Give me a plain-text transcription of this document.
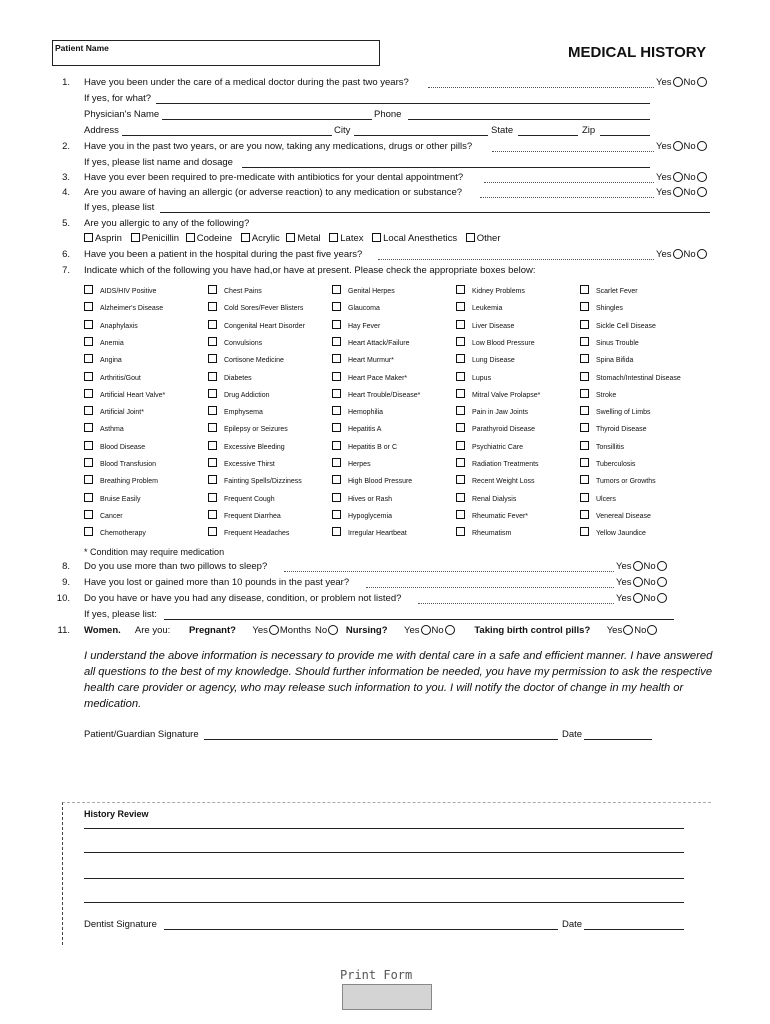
Patient Name	MEDICAL HISTORY
1. Have you been under the care of a medical doctor during the past two years?	Yes No
If yes, for what?
Physician's Name	Phone
Address	City	State	Zip
2. Have you in the past two years, or are you now, taking any medications, drugs or other pills?	Yes No
If yes, please list name and dosage
3. Have you ever been required to pre-medicate with antibiotics for your dental appointment?	Yes No
4. Are you aware of having an allergic (or adverse reaction) to any medication or substance?	Yes No
If yes, please list
5. Are you allergic to any of the following?
Asprin Penicillin Codeine Acrylic Metal Latex Local Anesthetics Other
6. Have you been a patient in the hospital during the past five years?	Yes No
7. Indicate which of the following you have had,or have at present. Please check the appropriate boxes below:
AIDS/HIV Positive
Alzheimer's Disease
Anaphylaxis
Anemia
Angina
Arthritis/Gout
Artificial Heart Valve*
Artificial Joint*
Asthma
Blood Disease
Blood Transfusion
Breathing Problem
Bruise Easily
Cancer
Chemotherapy
Chest Pains
Cold Sores/Fever Blisters
Congenital Heart Disorder
Convulsions
Cortisone Medicine
Diabetes
Drug Addiction
Emphysema
Epilepsy or Seizures
Excessive Bleeding
Excessive Thirst
Fainting Spells/Dizziness
Frequent Cough
Frequent Diarrhea
Frequent Headaches
Genital Herpes
Glaucoma
Hay Fever
Heart Attack/Failure
Heart Murmur*
Heart Pace Maker*
Heart Trouble/Disease*
Hemophilia
Hepatitis A
Hepatitis B or C
Herpes
High Blood Pressure
Hives or Rash
Hypoglycemia
Irregular Heartbeat
Kidney Problems
Leukemia
Liver Disease
Low Blood Pressure
Lung Disease
Lupus
Mitral Valve Prolapse*
Pain in Jaw Joints
Parathyroid Disease
Psychiatric Care
Radiation Treatments
Recent Weight Loss
Renal Dialysis
Rheumatic Fever*
Rheumatism
Scarlet Fever
Shingles
Sickle Cell Disease
Sinus Trouble
Spina Bifida
Stomach/Intestinal Disease
Stroke
Swelling of Limbs
Thyroid Disease
Tonsillitis
Tuberculosis
Tumors or Growths
Ulcers
Venereal Disease
Yellow Jaundice
* Condition may require medication
8. Do you use more than two pillows to sleep?	Yes No
9. Have you lost or gained more than 10 pounds in the past year?	Yes No
10. Do you have or have you had any disease, condition, or problem not listed?	Yes No
If yes, please list:
11. Women. Are you: Pregnant? Yes Months No Nursing? Yes No	Taking birth control pills? Yes No
I understand the above information is necessary to provide me with dental care in a safe and efficient manner. I have answered all questions to the best of my knowledge. Should further information be needed, you have my permission to ask the respective health care provider or agency, who may release such information to you. I will notify the doctor of change in my health or medication.
Patient/Guardian Signature	Date
History Review
Dentist Signature	Date
Print Form
